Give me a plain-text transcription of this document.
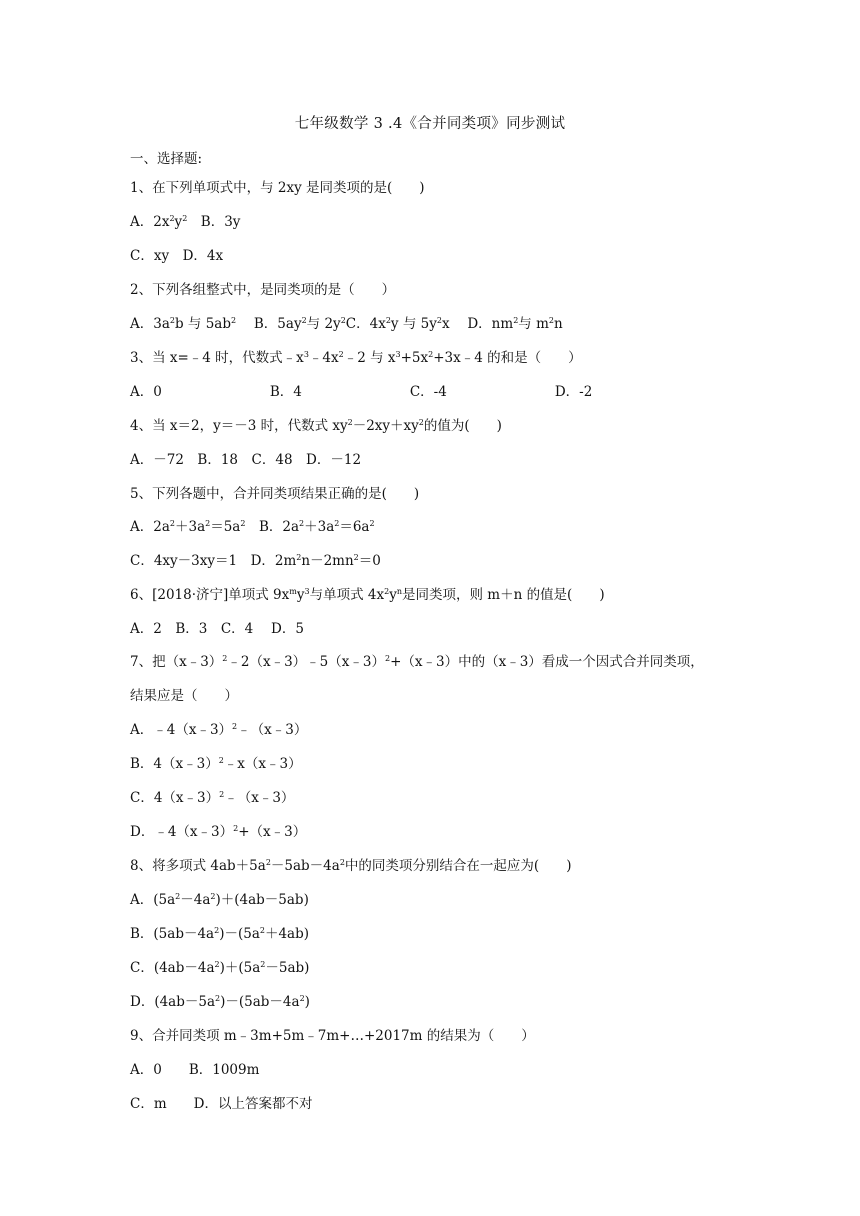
七年级数学 3 .4《合并同类项》同步测试
一、选择题:
1、在下列单项式中，与 2xy 是同类项的是(　　)
A．$2x^2y^2$　B．3y
C．xy　D．4x
2、下列各组整式中，是同类项的是（　　）
A．$3a^2b$ 与 $5ab^2$　 B．$5ay^2$与 $2y^2C$．$4x^2y$ 与 $5y^2x$　 D．$nm^2$与 $m^2n$
3、当 x=﹣4 时，代数式$﹣x^3﹣4x^2﹣2$ 与 $x^3+5x^2+3x﹣4$ 的和是（　　）
A．0　　　　　　　　B．4　　　　　　　　C．-4　　　　　　　　D．-2
4、当 x＝2，y＝－3 时，代数式 $xy^2-2xy+xy^2$的值为(　　)
A．－72　B．18　C．48　D．－12
5、下列各题中，合并同类项结果正确的是(　　)
A．$2a^2+3a^2=5a^2$　B．$2a^2+3a^2=6a^2$
C．4xy－3xy＝1　D．$2m^2n-2mn^2=0$
6、[2018·济宁]单项式 $9x^my^3$与单项式 $4x^2y^n$是同类项，则 m＋n 的值是(　　)
A．2　B．3　C．4　 D．5
7、把（x﹣3）$^2$﹣2（x﹣3）﹣5（x﹣3）$^2$+（x﹣3）中的（x﹣3）看成一个因式合并同类项，
结果应是（　　）
A．﹣4（x﹣3）$^2$﹣（x﹣3）
B．4（x﹣3）$^2$﹣x（x﹣3）
C．4（x﹣3）$^2$﹣（x﹣3）
D．﹣4（x﹣3）$^2$+（x﹣3）
8、将多项式 $4ab+5a^2-5ab-4a^2$中的同类项分别结合在一起应为(　　)
A．$(5a^2-4a^2)+(4ab-5ab)$
B．$(5ab-4a^2)-(5a^2+4ab)$
C．$(4ab-4a^2)+(5a^2-5ab)$
D．$(4ab-5a^2)-(5ab-4a^2)$
9、合并同类项 m﹣3m+5m﹣7m+…+2017m 的结果为（　　）
A．0　　B．1009m
C．m　　D．以上答案都不对
